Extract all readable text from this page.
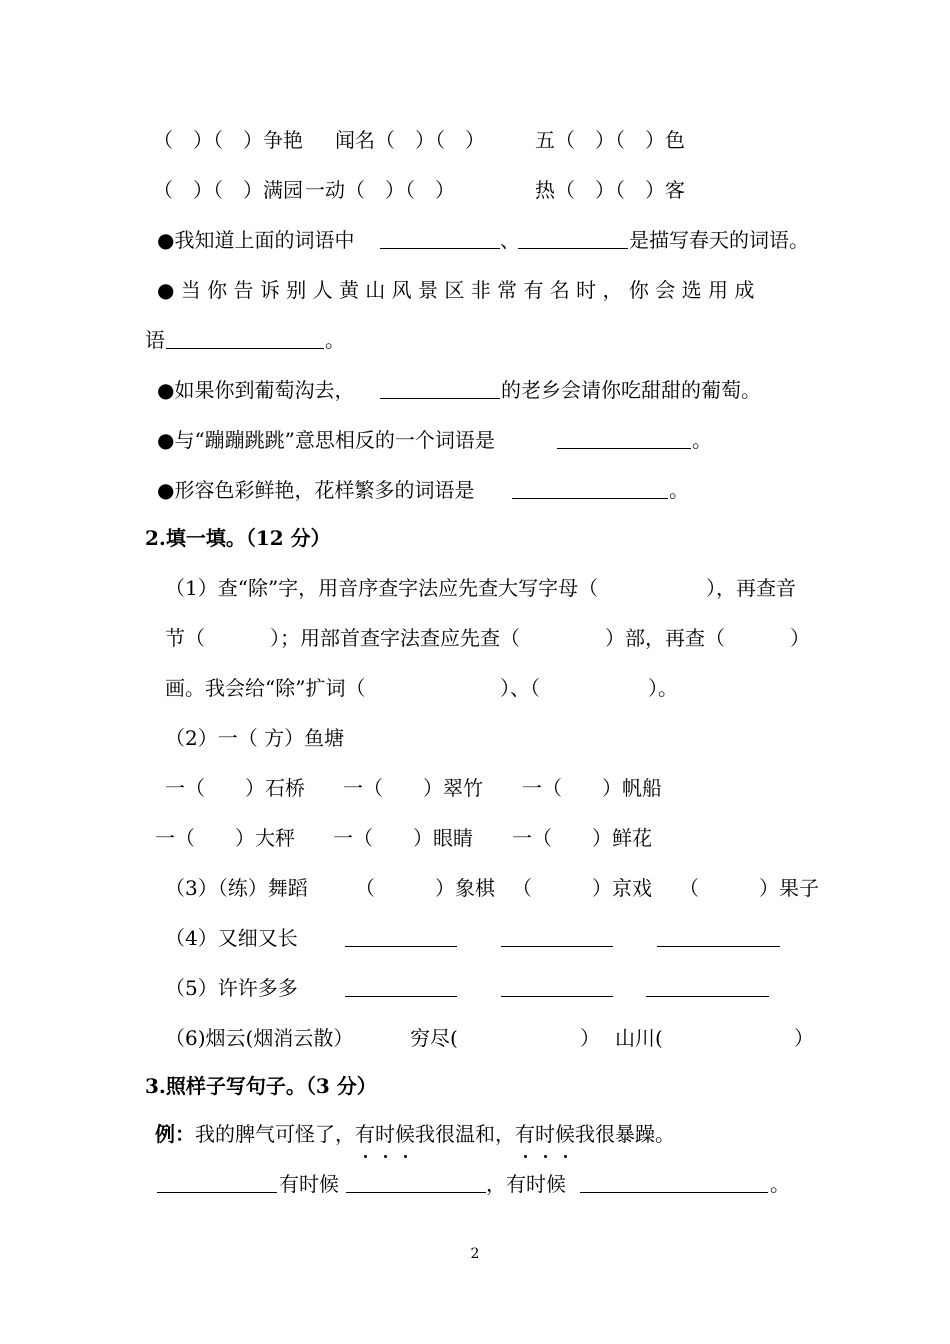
（　）（　）争艳 闻名（　）（　）	五（　）（　）色
（　）（　）满园 一动（　）（　）	热（　）（　）客
●我知道上面的词语中	、	是描写春天的词语。
● 当 你 告 诉 别 人 黄 山 风 景 区 非 常 有 名 时 ， 你 会 选 用 成
语	。
●如果你到葡萄沟去，	的老乡会请你吃甜甜的葡萄。
●与“蹦蹦跳跳”意思相反的一个词语是	。
●形容色彩鲜艳，花样繁多的词语是	。
2.填一填。（12 分）
（1）查“除”字，用音序查字法应先查大写字母（	），再查音
节（	）；用部首查字法查应先查（	）部，再查（	）
画。我会给“除”扩词（	）、（	）。
（2）一（ 方）鱼塘
一（　　）石桥 一（　　）翠竹 一（　　）帆船
一（　　）大秤 一（　　）眼睛 一（　　）鲜花
（3）（练）舞蹈 （　　　）象棋 （　　　）京戏 （　　　）果子
（4）又细又长
（5）许许多多
（6)烟云(烟消云散）	穷尽(	） 山川(	）
3.照样子写句子。（3 分）
例：我的脾气可怪了，有时候我很温和，有时候我很暴躁。
有时候	，有时候	。
2
